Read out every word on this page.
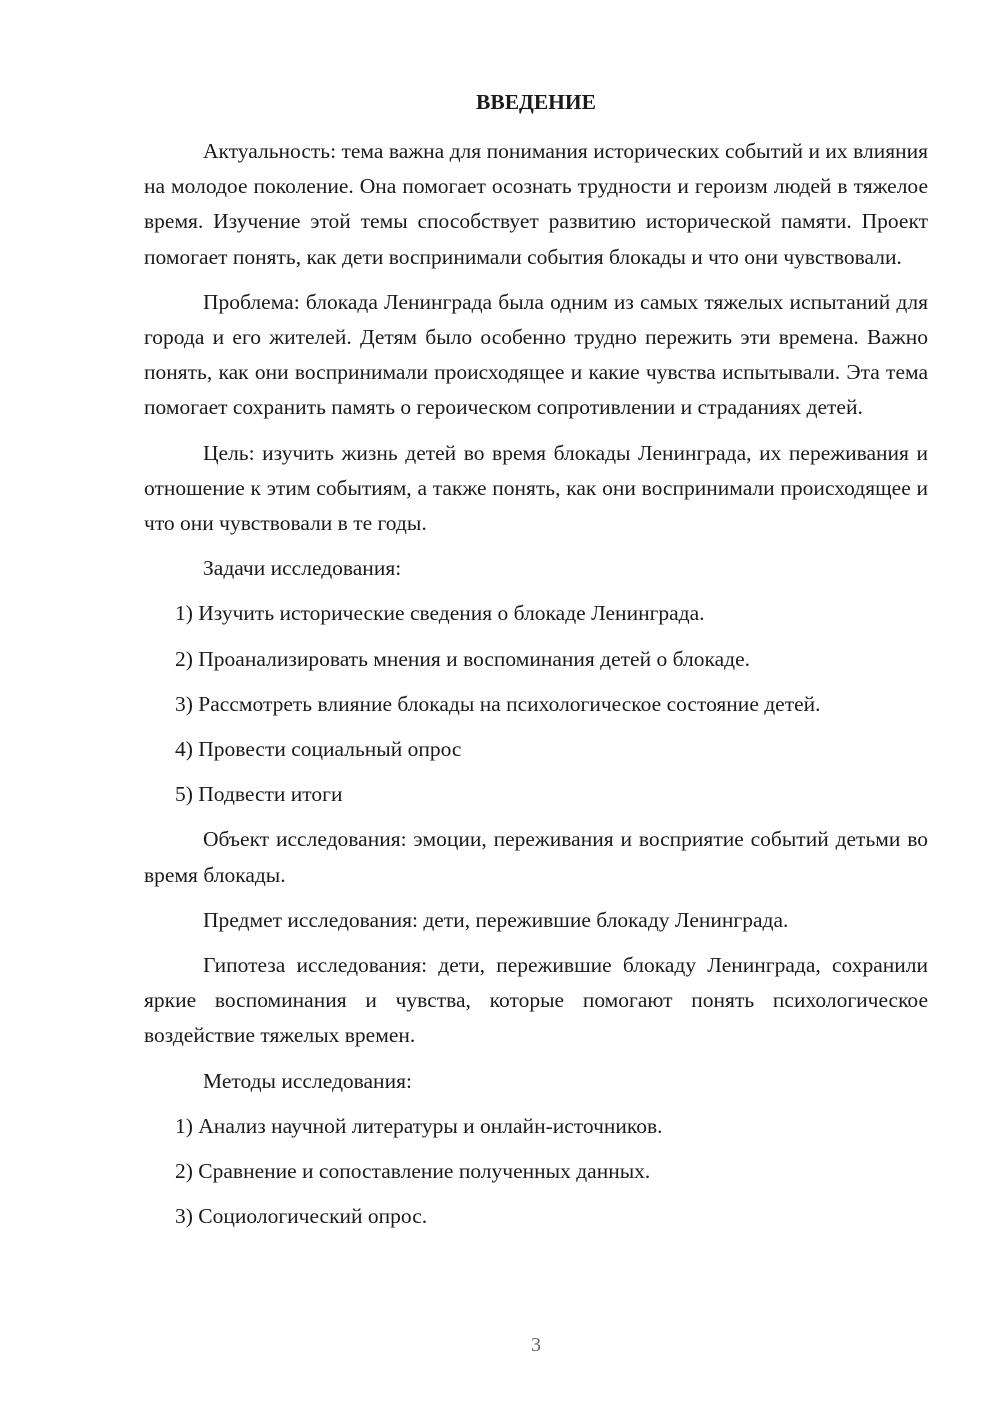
ВВЕДЕНИЕ

Актуальность: тема важна для понимания исторических событий и их влияния на молодое поколение. Она помогает осознать трудности и героизм людей в тяжелое время. Изучение этой темы способствует развитию исторической памяти. Проект помогает понять, как дети воспринимали события блокады и что они чувствовали.

Проблема: блокада Ленинграда была одним из самых тяжелых испытаний для города и его жителей. Детям было особенно трудно пережить эти времена. Важно понять, как они воспринимали происходящее и какие чувства испытывали. Эта тема помогает сохранить память о героическом сопротивлении и страданиях детей.

Цель: изучить жизнь детей во время блокады Ленинграда, их переживания и отношение к этим событиям, а также понять, как они воспринимали происходящее и что они чувствовали в те годы.

Задачи исследования:

1) Изучить исторические сведения о блокаде Ленинграда.
2) Проанализировать мнения и воспоминания детей о блокаде.
3) Рассмотреть влияние блокады на психологическое состояние детей.
4) Провести социальный опрос
5) Подвести итоги

Объект исследования: эмоции, переживания и восприятие событий детьми во время блокады.

Предмет исследования: дети, пережившие блокаду Ленинграда.

Гипотеза исследования: дети, пережившие блокаду Ленинграда, сохранили яркие воспоминания и чувства, которые помогают понять психологическое воздействие тяжелых времен.

Методы исследования:

1) Анализ научной литературы и онлайн-источников.
2) Сравнение и сопоставление полученных данных.
3) Социологический опрос.
3
